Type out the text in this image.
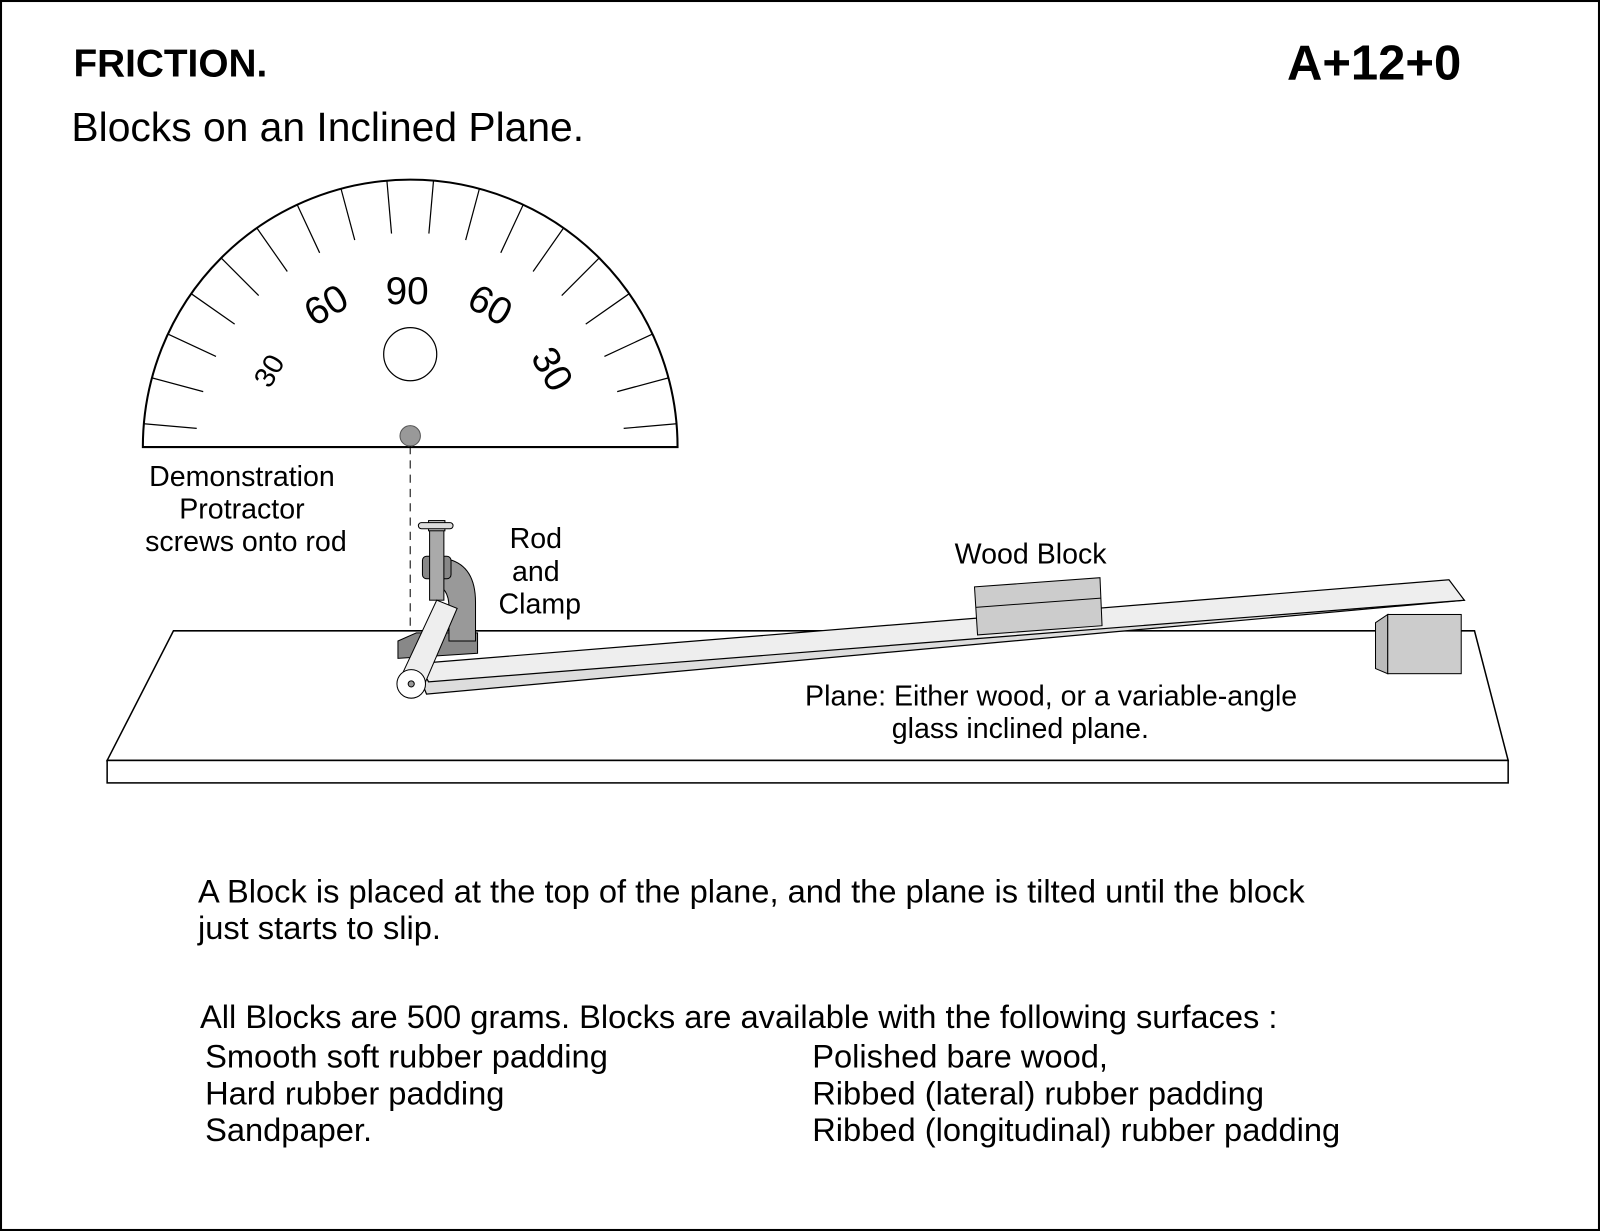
FRICTION.	A+12+0
Blocks on an Inclined Plane.
30
60 90 60
30
Demonstration Protractor screws onto rod	Rod and Clamp
Wood Block
Plane: Either wood, or a variable-angle glass inclined plane.
A Block is placed at the top of the plane, and the plane is tilted until the block
just starts to slip.
All Blocks are 500 grams. Blocks are available with the following surfaces :
Smooth soft rubber padding Hard rubber padding Sandpaper.
Polished bare wood, Ribbed (lateral) rubber padding Ribbed (longitudinal) rubber padding
